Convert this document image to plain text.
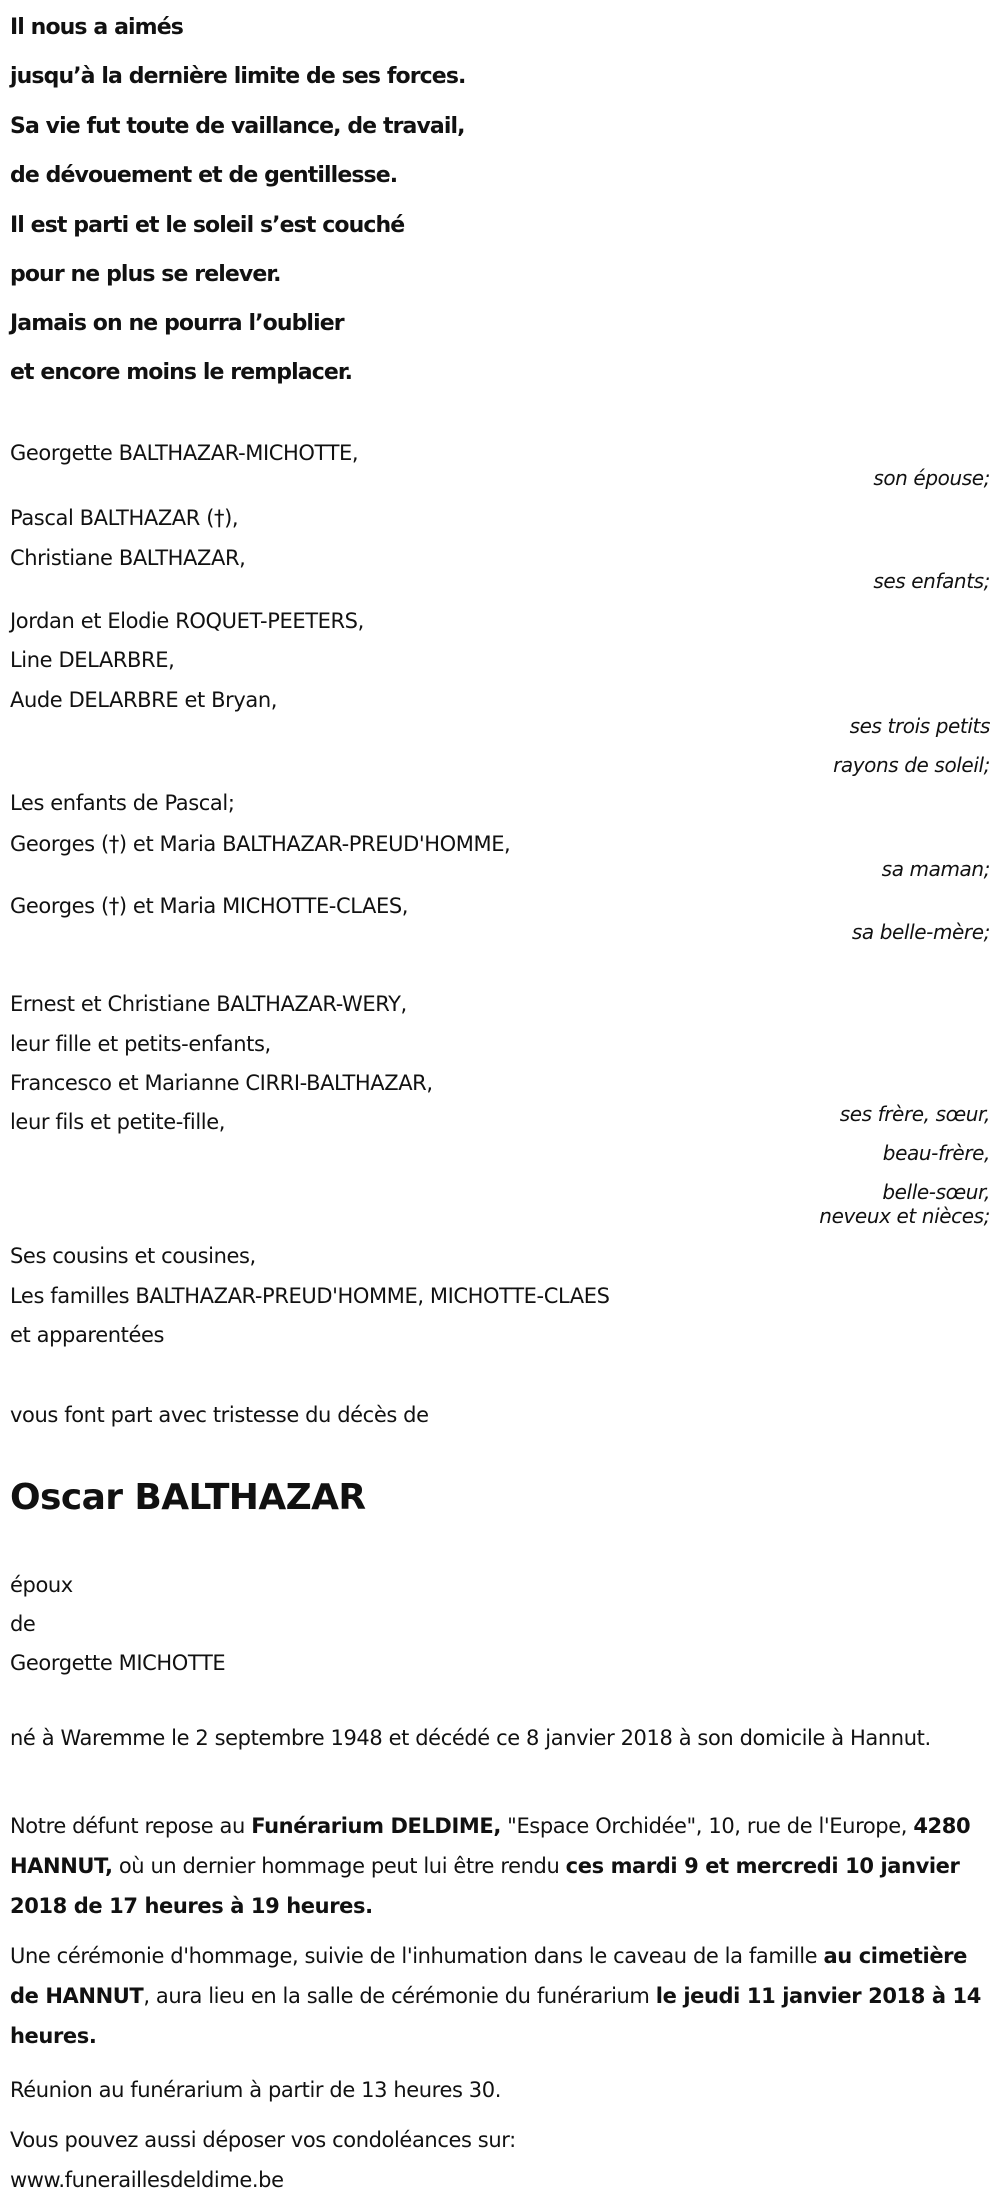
Il nous a aimés
jusqu’à la dernière limite de ses forces.
Sa vie fut toute de vaillance, de travail,
de dévouement et de gentillesse.
Il est parti et le soleil s’est couché
pour ne plus se relever.
Jamais on ne pourra l’oublier
et encore moins le remplacer.
Georgette BALTHAZAR-MICHOTTE,
Pascal BALTHAZAR (†),
Christiane BALTHAZAR,
Jordan et Elodie ROQUET-PEETERS,
Line DELARBRE,
Aude DELARBRE et Bryan,
Les enfants de Pascal;
Georges (†) et Maria BALTHAZAR-PREUD'HOMME,
Georges (†) et Maria MICHOTTE-CLAES,
Ernest et Christiane BALTHAZAR-WERY,
leur fille et petits-enfants,
Francesco et Marianne CIRRI-BALTHAZAR,
leur fils et petite-fille,
Ses cousins et cousines,
Les familles BALTHAZAR-PREUD'HOMME, MICHOTTE-CLAES
et apparentées
son épouse;
ses enfants;
ses trois petits
rayons de soleil;
sa maman;
sa belle-mère;
ses frère, sœur,
beau-frère,
belle-sœur,
neveux et nièces;
vous font part avec tristesse du décès de
Oscar BALTHAZAR
époux
de
Georgette MICHOTTE
né à Waremme le 2 septembre 1948 et décédé ce 8 janvier 2018 à son domicile à Hannut.
Notre défunt repose au Funérarium DELDIME, "Espace Orchidée", 10, rue de l'Europe, 4280 HANNUT, où un dernier hommage peut lui être rendu ces mardi 9 et mercredi 10 janvier 2018 de 17 heures à 19 heures.
Une cérémonie d'hommage, suivie de l'inhumation dans le caveau de la famille au cimetière de HANNUT, aura lieu en la salle de cérémonie du funérarium le jeudi 11 janvier 2018 à 14 heures.
Réunion au funérarium à partir de 13 heures 30.
Vous pouvez aussi déposer vos condoléances sur:
www.funeraillesdeldime.be
